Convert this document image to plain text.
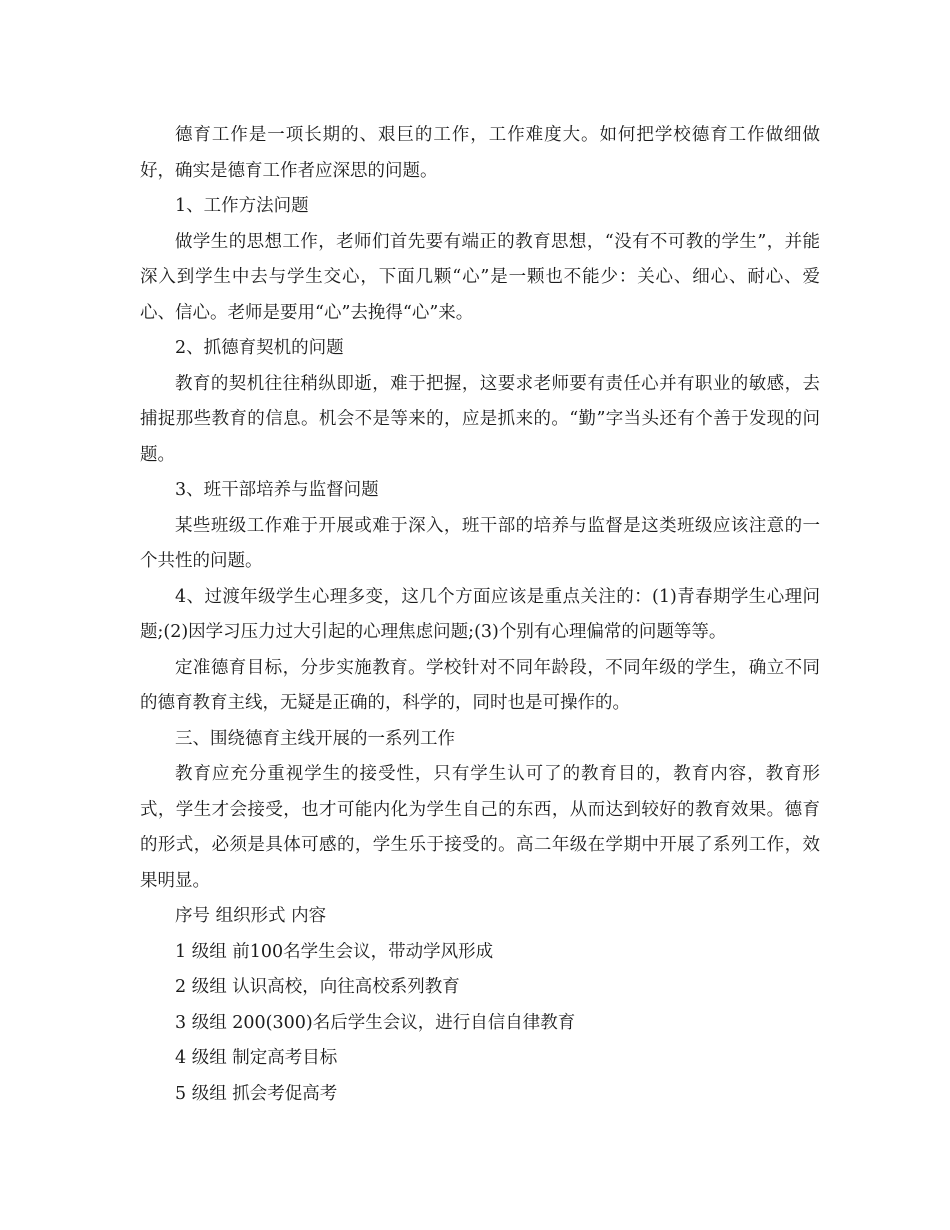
德育工作是一项长期的、艰巨的工作，工作难度大。如何把学校德育工作做细做好，确实是德育工作者应深思的问题。

1、工作方法问题

做学生的思想工作，老师们首先要有端正的教育思想，“没有不可教的学生”，并能深入到学生中去与学生交心，下面几颗“心”是一颗也不能少：关心、细心、耐心、爱心、信心。老师是要用“心”去挽得“心”来。

2、抓德育契机的问题

教育的契机往往稍纵即逝，难于把握，这要求老师要有责任心并有职业的敏感，去捕捉那些教育的信息。机会不是等来的，应是抓来的。“勤”字当头还有个善于发现的问题。

3、班干部培养与监督问题

某些班级工作难于开展或难于深入，班干部的培养与监督是这类班级应该注意的一个共性的问题。

4、过渡年级学生心理多变，这几个方面应该是重点关注的：(1)青春期学生心理问题;(2)因学习压力过大引起的心理焦虑问题;(3)个别有心理偏常的问题等等。

定准德育目标，分步实施教育。学校针对不同年龄段，不同年级的学生，确立不同的德育教育主线，无疑是正确的，科学的，同时也是可操作的。

三、围绕德育主线开展的一系列工作

教育应充分重视学生的接受性，只有学生认可了的教育目的，教育内容，教育形式，学生才会接受，也才可能内化为学生自己的东西，从而达到较好的教育效果。德育的形式，必须是具体可感的，学生乐于接受的。高二年级在学期中开展了系列工作，效果明显。

序号 组织形式 内容

1 级组 前100名学生会议，带动学风形成

2 级组 认识高校，向往高校系列教育

3 级组 200(300)名后学生会议，进行自信自律教育

4 级组 制定高考目标

5 级组 抓会考促高考
